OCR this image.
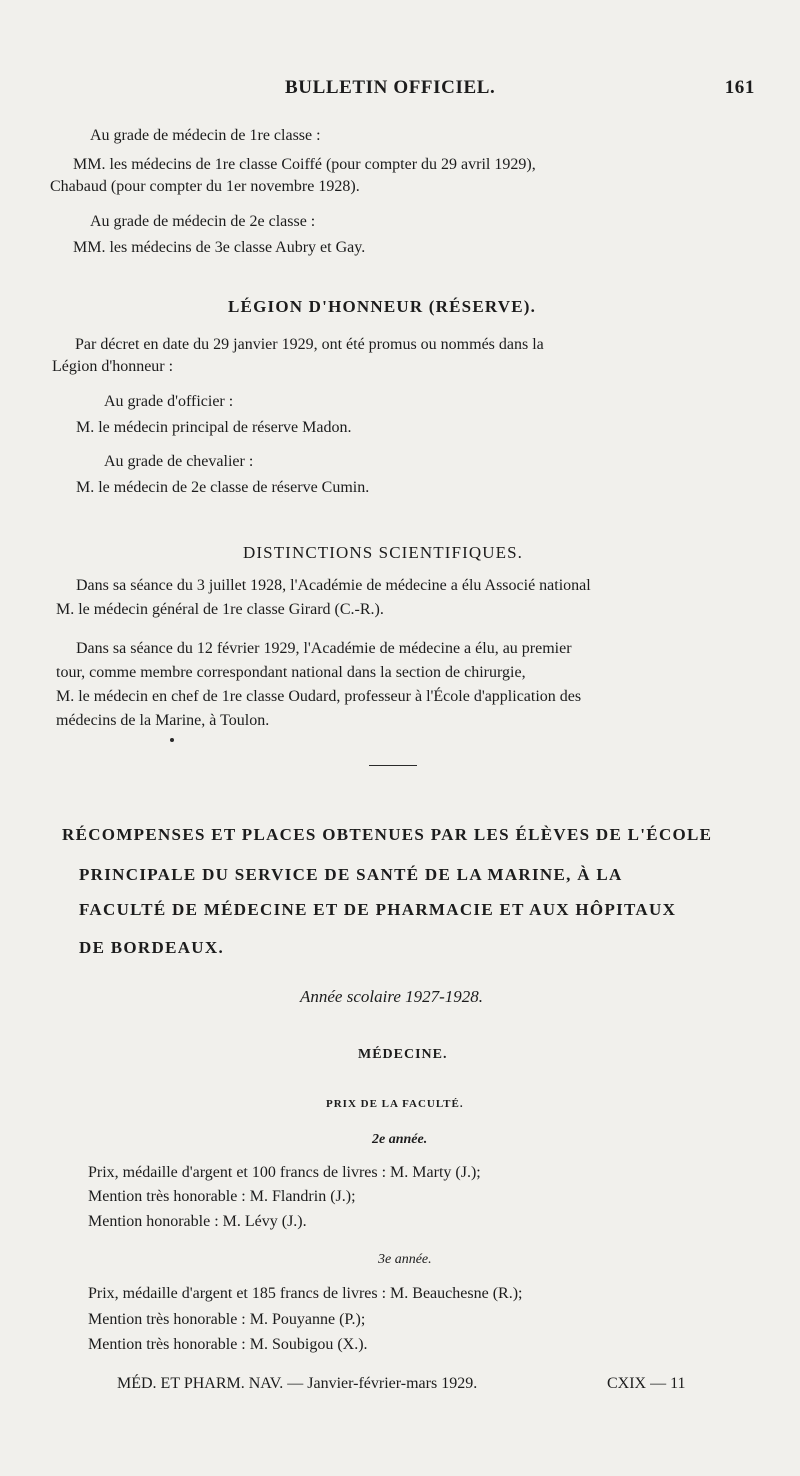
BULLETIN OFFICIEL.	161
Au grade de médecin de 1re classe :
MM. les médecins de 1re classe Coiffé (pour compter du 29 avril 1929),
Chabaud (pour compter du 1er novembre 1928).
Au grade de médecin de 2e classe :
MM. les médecins de 3e classe Aubry et Gay.
LÉGION D'HONNEUR (RÉSERVE).
Par décret en date du 29 janvier 1929, ont été promus ou nommés dans la
Légion d'honneur :
Au grade d'officier :
M. le médecin principal de réserve Madon.
Au grade de chevalier :
M. le médecin de 2e classe de réserve Cumin.
DISTINCTIONS SCIENTIFIQUES.
Dans sa séance du 3 juillet 1928, l'Académie de médecine a élu Associé national
M. le médecin général de 1re classe Girard (C.-R.).
Dans sa séance du 12 février 1929, l'Académie de médecine a élu, au premier
tour, comme membre correspondant national dans la section de chirurgie,
M. le médecin en chef de 1re classe Oudard, professeur à l'École d'application des
médecins de la Marine, à Toulon.
RÉCOMPENSES ET PLACES OBTENUES PAR LES ÉLÈVES DE L'ÉCOLE
PRINCIPALE DU SERVICE DE SANTÉ DE LA MARINE, À LA
FACULTÉ DE MÉDECINE ET DE PHARMACIE ET AUX HÔPITAUX
DE BORDEAUX.
Année scolaire 1927-1928.
MÉDECINE.
PRIX DE LA FACULTÉ.
2e année.
Prix, médaille d'argent et 100 francs de livres : M. Marty (J.);
Mention très honorable : M. Flandrin (J.);
Mention honorable : M. Lévy (J.).
3e année.
Prix, médaille d'argent et 185 francs de livres : M. Beauchesne (R.);
Mention très honorable : M. Pouyanne (P.);
Mention très honorable : M. Soubigou (X.).
MÉD. ET PHARM. NAV. — Janvier-février-mars 1929.	CXIX — 11
